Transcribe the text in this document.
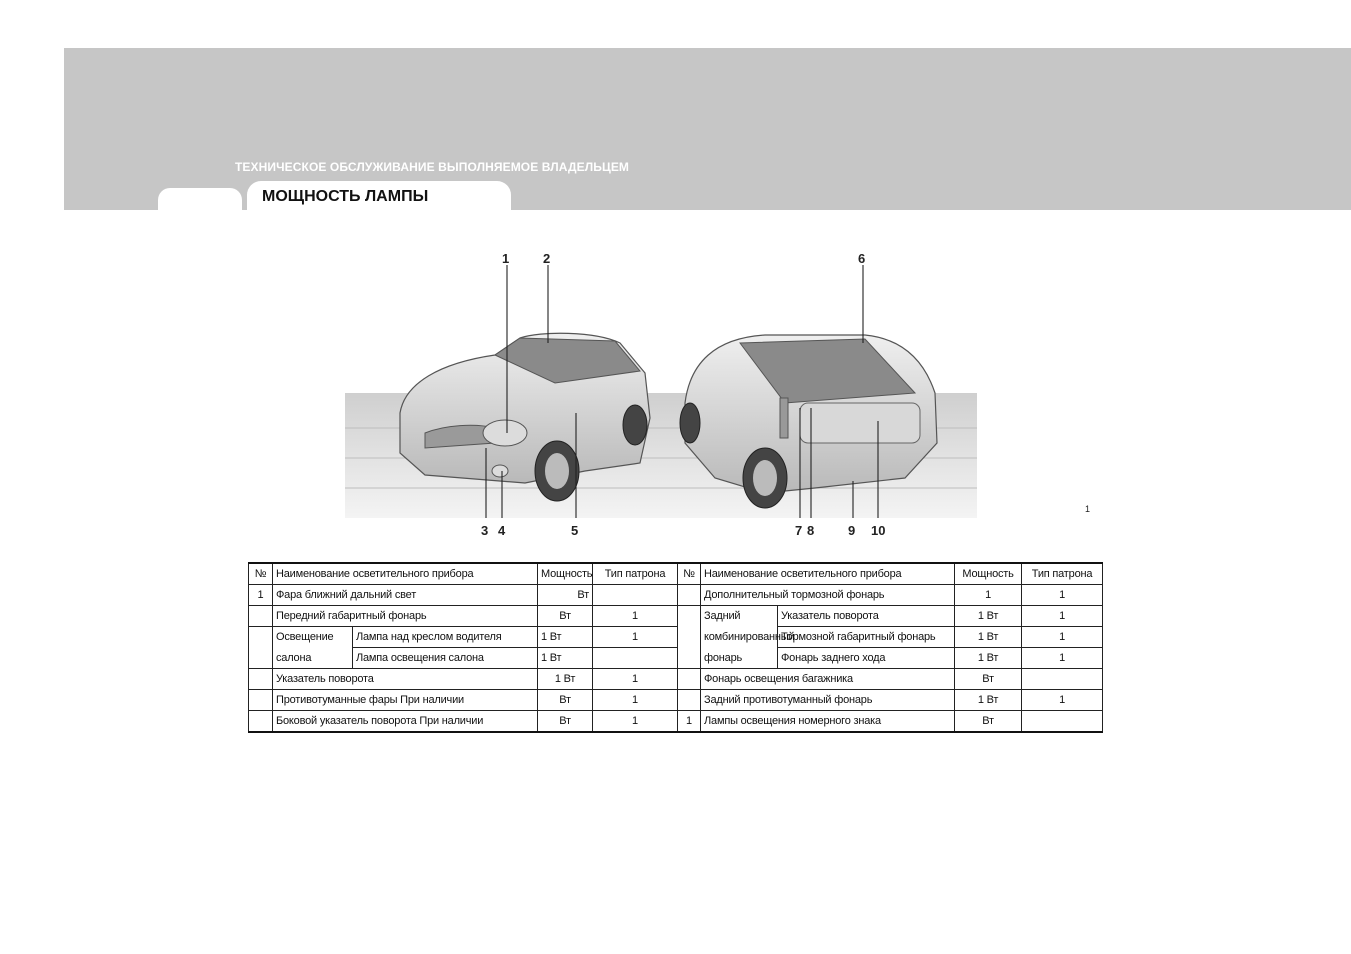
ТЕХНИЧЕСКОЕ ОБСЛУЖИВАНИЕ ВЫПОЛНЯЕМОЕ ВЛАДЕЛЬЦЕМ
МОЩНОСТЬ ЛАМПЫ
1	2
3 4	5
6
7 8	9 10
1
№	Наименование осветительного прибора		Мощность	Тип патрона	№	Наименование осветительного прибора		Мощность	Тип патрона
1	Фара ближний дальний свет		Вт			Дополнительный тормозной фонарь		1	1
	Передний габаритный фонарь		Вт	1		Задний	Указатель поворота	1 Вт	1
	Освещение	Лампа над креслом водителя	1 Вт	1		комбинированный	Тормозной габаритный фонарь	1 Вт	1
	салона	Лампа освещения салона	1 Вт			фонарь	Фонарь заднего хода	1 Вт	1
	Указатель поворота		1 Вт	1		Фонарь освещения багажника		Вт	
	Противотуманные фары При наличии		Вт	1		Задний противотуманный фонарь		1 Вт	1
	Боковой указатель поворота При наличии		Вт	1	1	Лампы освещения номерного знака		Вт	
